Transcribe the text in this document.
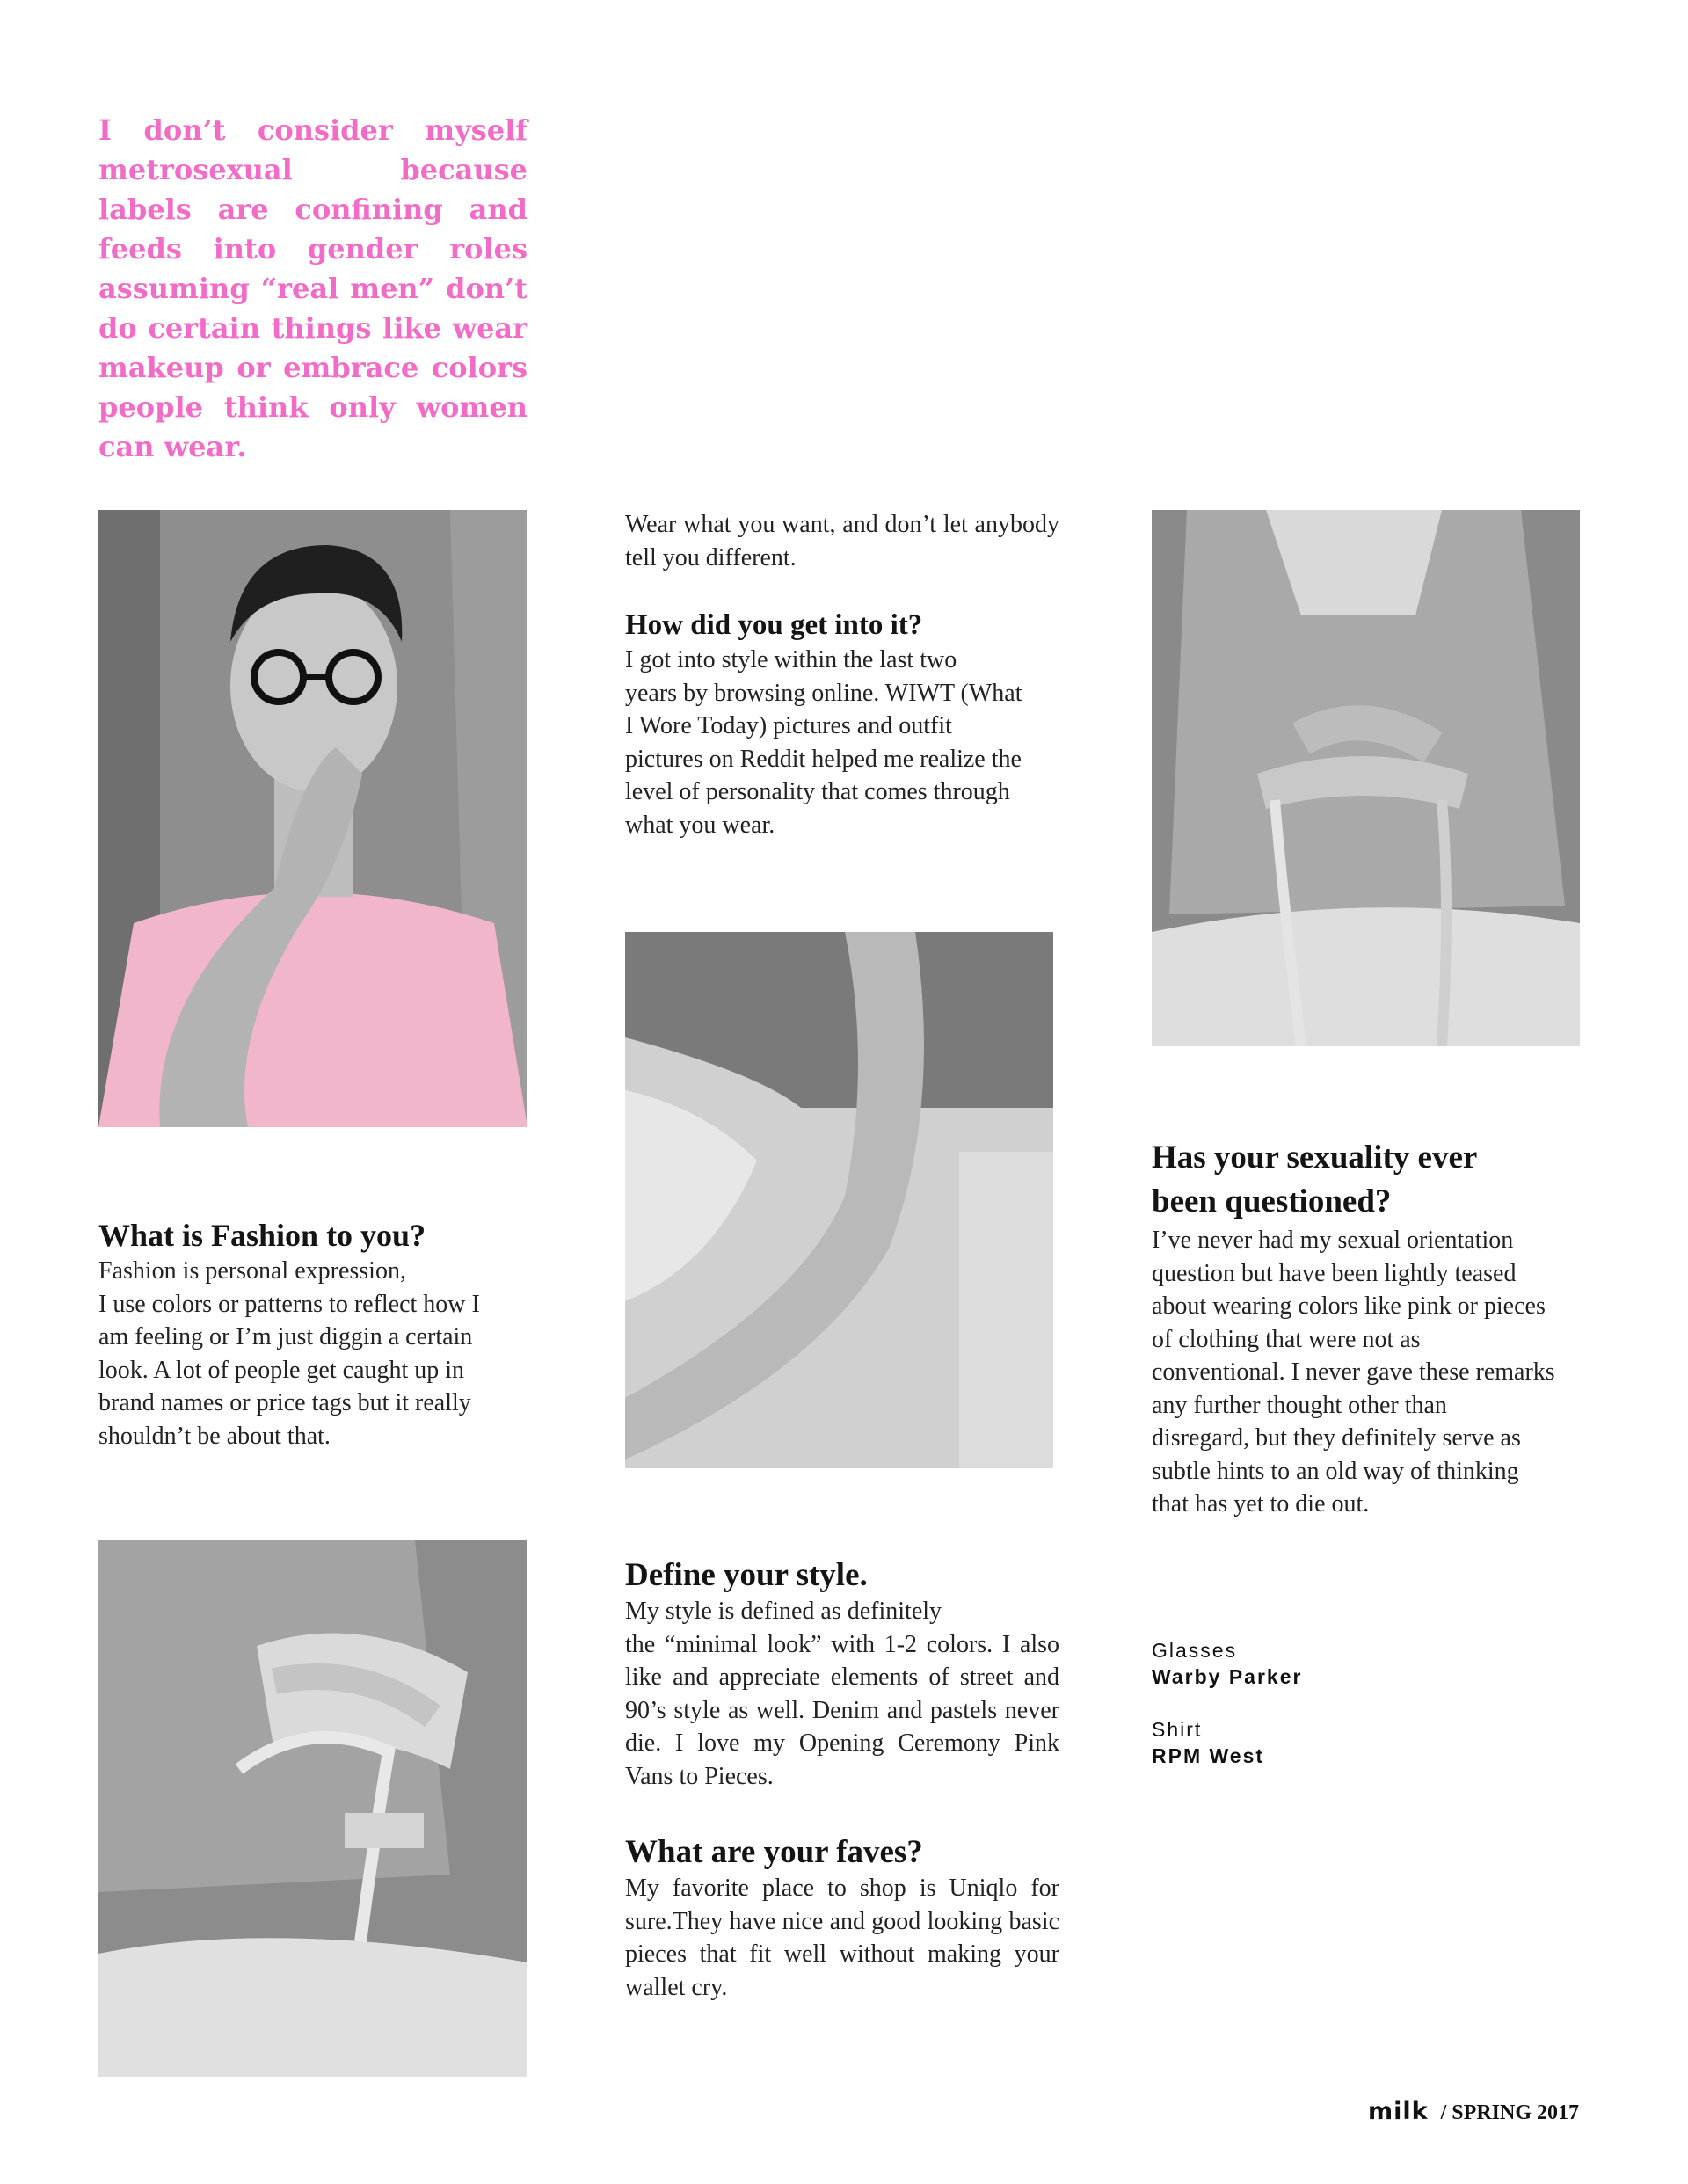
I don’t consider myself metrosexual because labels are confining and feeds into gender roles assuming “real men” don’t do certain things like wear makeup or embrace colors people think only women can wear.

Wear what you want, and don’t let anybody tell you different.

How did you get into it?

I got into style within the last two
years by browsing online. WIWT (What
I Wore Today) pictures and outfit
pictures on Reddit helped me realize the
level of personality that comes through
what you wear.

What is Fashion to you?

Fashion is personal expression,
I use colors or patterns to reflect how I
am feeling or I’m just diggin a certain
look. A lot of people get caught up in
brand names or price tags but it really
shouldn’t be about that.

Has your sexuality ever
been questioned?

I’ve never had my sexual orientation
question but have been lightly teased
about wearing colors like pink or pieces
of clothing that were not as
conventional. I never gave these remarks
any further thought other than
disregard, but they definitely serve as
subtle hints to an old way of thinking
that has yet to die out.

Define your style.

My style is defined as definitely

the “minimal look” with 1-2 colors. I also like and appreciate elements of street and 90’s style as well. Denim and pastels never die. I love my Opening Ceremony Pink Vans to Pieces.

What are your faves?

My favorite place to shop is Uniqlo for sure.They have nice and good looking basic pieces that fit well without making your wallet cry.

Glasses
Warby Parker
Shirt
RPM West
milk / SPRING 2017
